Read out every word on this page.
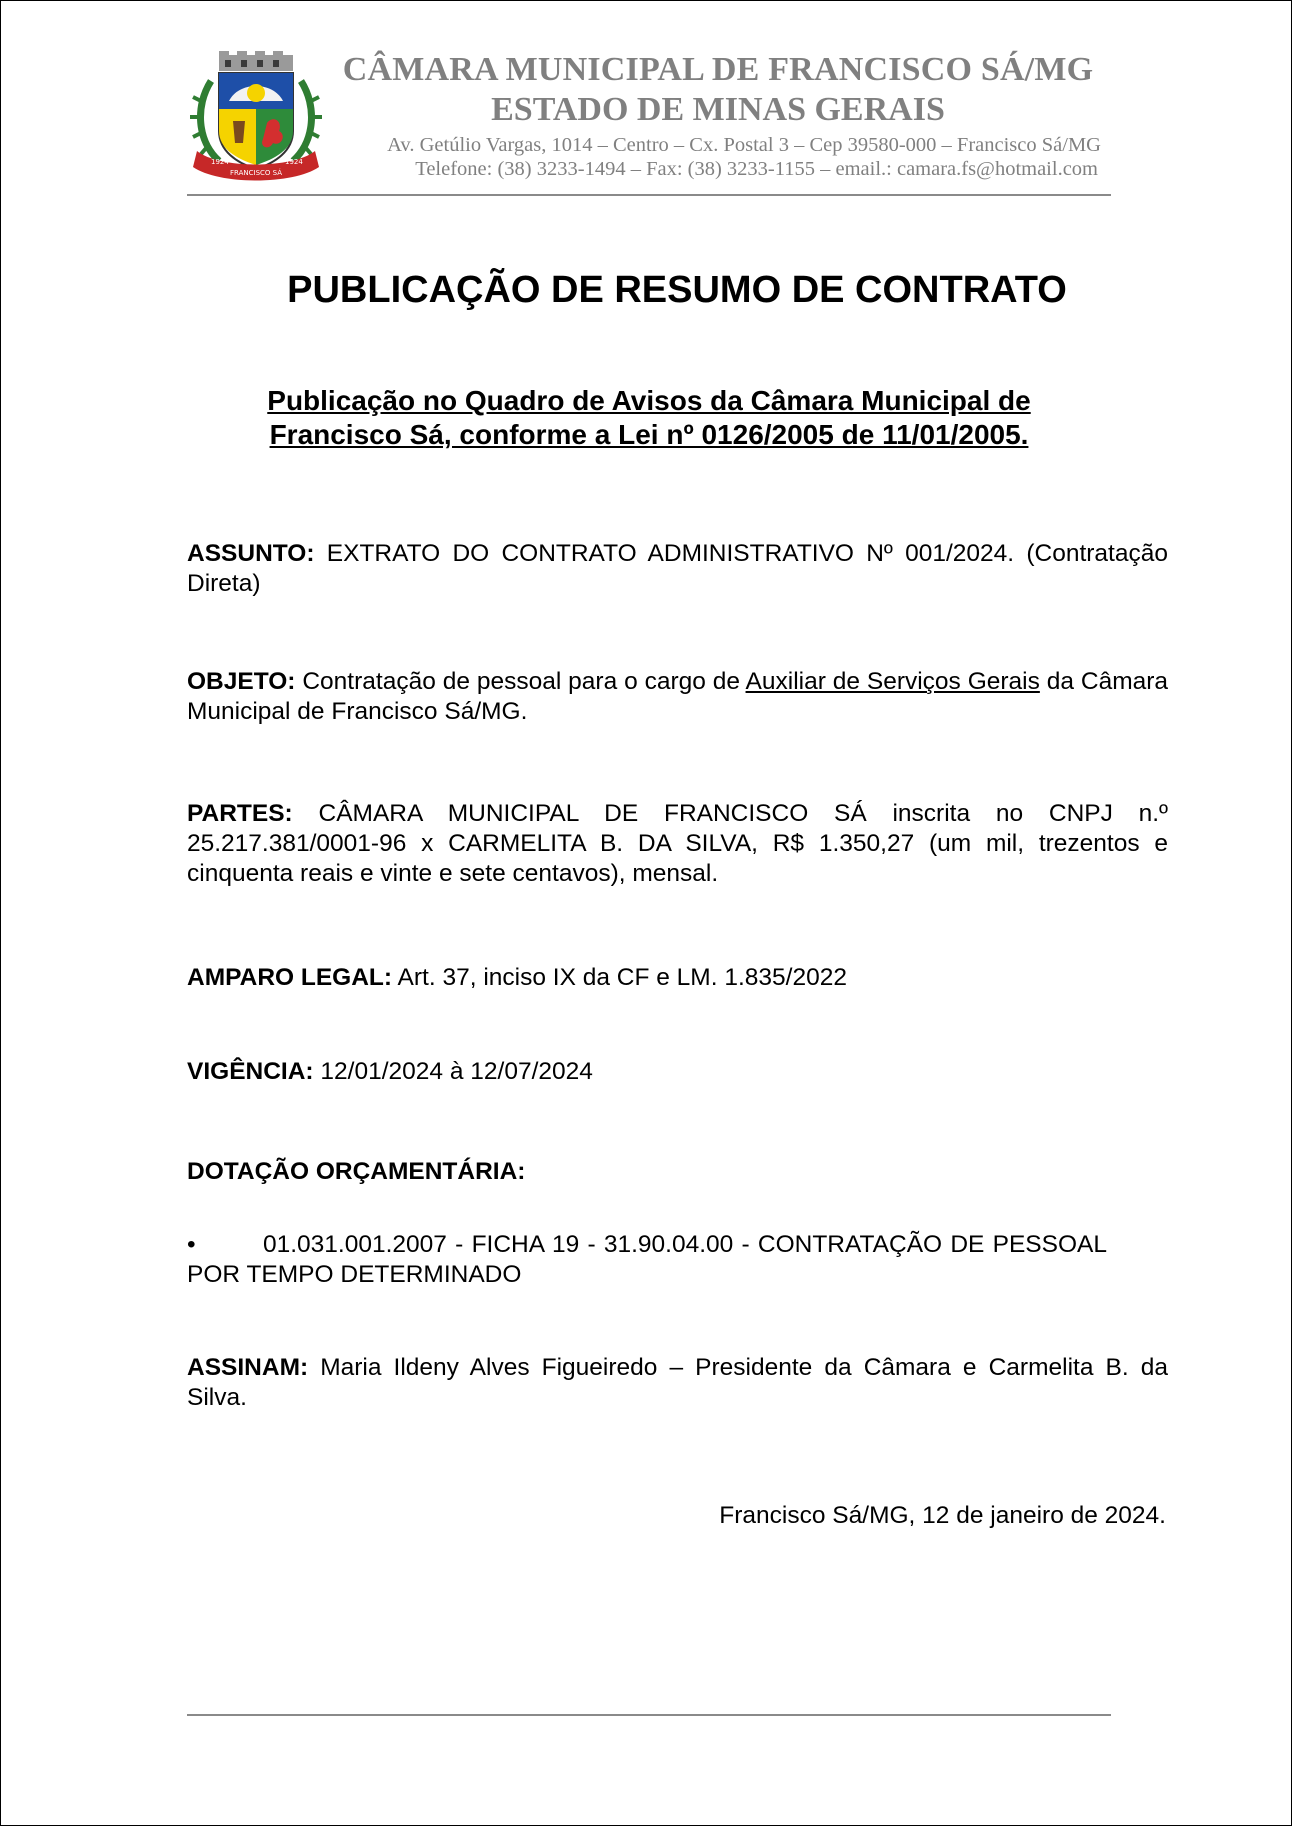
1924	1924
FRANCISCO SÁ
CÂMARA MUNICIPAL DE FRANCISCO SÁ/MG
ESTADO DE MINAS GERAIS
Av. Getúlio Vargas, 1014 – Centro – Cx. Postal 3 – Cep 39580-000 – Francisco Sá/MG
Telefone: (38) 3233-1494 – Fax: (38) 3233-1155 – email.: camara.fs@hotmail.com
PUBLICAÇÃO DE RESUMO DE CONTRATO
Publicação no Quadro de Avisos da Câmara Municipal de
Francisco Sá, conforme a Lei nº 0126/2005 de 11/01/2005.
ASSUNTO: EXTRATO DO CONTRATO ADMINISTRATIVO Nº 001/2024. (Contratação Direta)
OBJETO: Contratação de pessoal para o cargo de Auxiliar de Serviços Gerais da Câmara Municipal de Francisco Sá/MG.
PARTES: CÂMARA MUNICIPAL DE FRANCISCO SÁ inscrita no CNPJ n.º 25.217.381/0001-96 x CARMELITA B. DA SILVA, R$ 1.350,27 (um mil, trezentos e cinquenta reais e vinte e sete centavos), mensal.
AMPARO LEGAL: Art. 37, inciso IX da CF e LM. 1.835/2022
VIGÊNCIA: 12/01/2024 à 12/07/2024
DOTAÇÃO ORÇAMENTÁRIA:
•	01.031.001.2007 - FICHA 19 - 31.90.04.00 - CONTRATAÇÃO DE PESSOAL POR TEMPO DETERMINADO
ASSINAM: Maria Ildeny Alves Figueiredo – Presidente da Câmara e Carmelita B. da Silva.
Francisco Sá/MG, 12 de janeiro de 2024.
